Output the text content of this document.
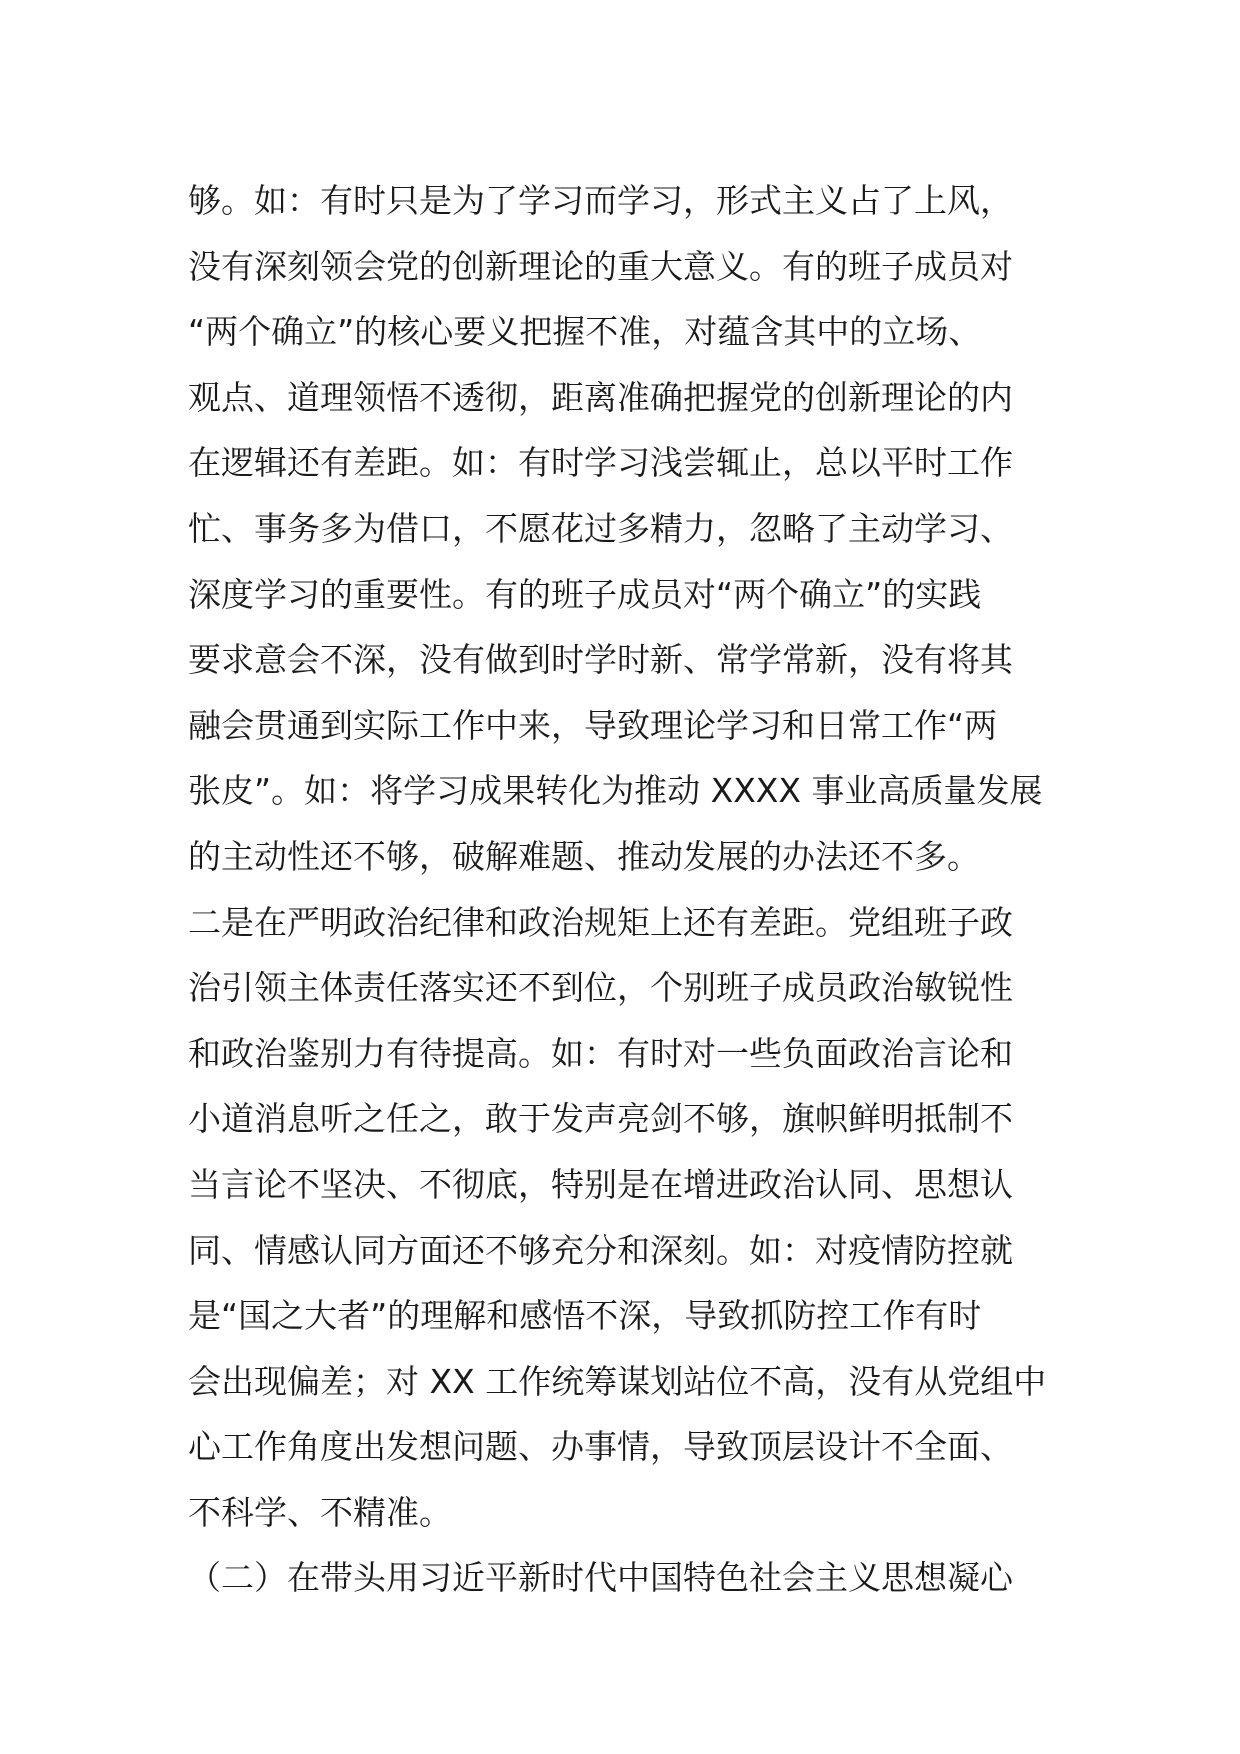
够。如：有时只是为了学习而学习，形式主义占了上风，
没有深刻领会党的创新理论的重大意义。有的班子成员对
“两个确立”的核心要义把握不准，对蕴含其中的立场、
观点、道理领悟不透彻，距离准确把握党的创新理论的内
在逻辑还有差距。如：有时学习浅尝辄止，总以平时工作
忙、事务多为借口，不愿花过多精力，忽略了主动学习、
深度学习的重要性。有的班子成员对“两个确立”的实践
要求意会不深，没有做到时学时新、常学常新，没有将其
融会贯通到实际工作中来，导致理论学习和日常工作“两
张皮”。如：将学习成果转化为推动 XXXX 事业高质量发展
的主动性还不够，破解难题、推动发展的办法还不多。
二是在严明政治纪律和政治规矩上还有差距。党组班子政
治引领主体责任落实还不到位，个别班子成员政治敏锐性
和政治鉴别力有待提高。如：有时对一些负面政治言论和
小道消息听之任之，敢于发声亮剑不够，旗帜鲜明抵制不
当言论不坚决、不彻底，特别是在增进政治认同、思想认
同、情感认同方面还不够充分和深刻。如：对疫情防控就
是“国之大者”的理解和感悟不深，导致抓防控工作有时
会出现偏差；对 XX 工作统筹谋划站位不高，没有从党组中
心工作角度出发想问题、办事情，导致顶层设计不全面、
不科学、不精准。
（二）在带头用习近平新时代中国特色社会主义思想凝心
